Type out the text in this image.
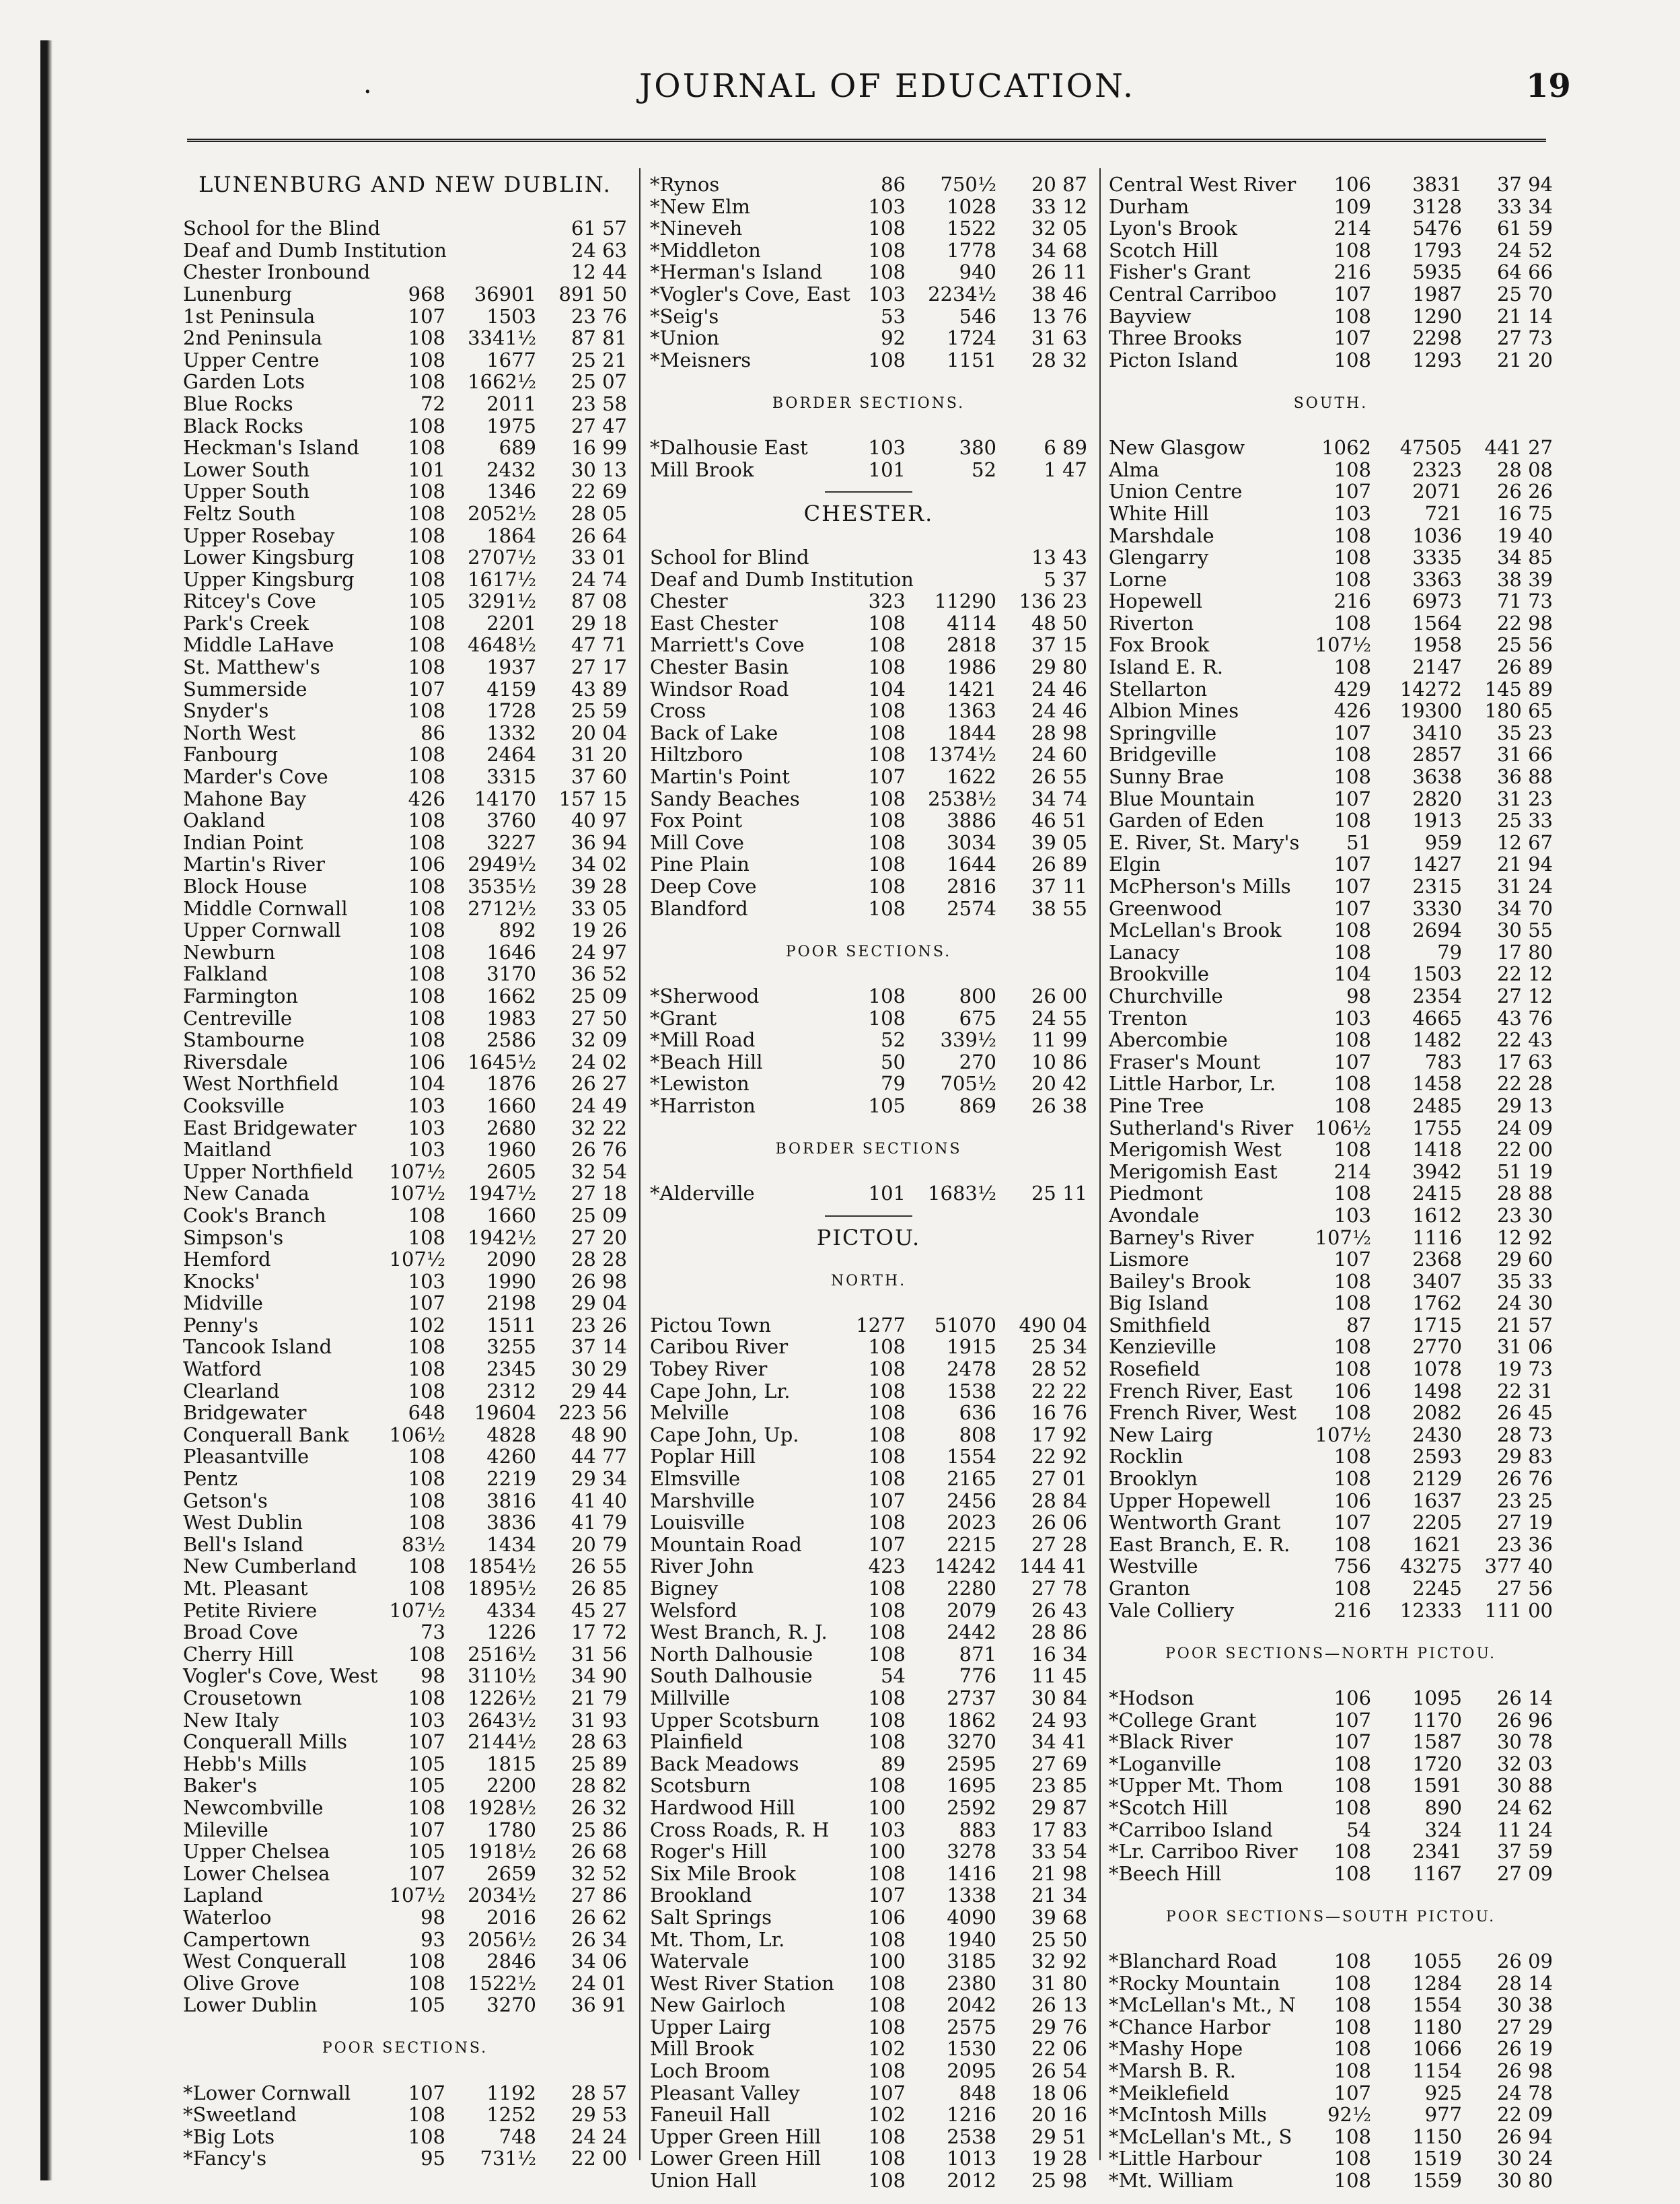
·	JOURNAL OF EDUCATION.	19
LUNENBURG AND NEW DUBLIN.
School for the Blind	61 57
Deaf and Dumb Institution	24 63
Chester Ironbound	12 44
Lunenburg	968 36901 891 50
1st Peninsula	107 1503 23 76
2nd Peninsula	108 3341½ 87 81
Upper Centre	108 1677 25 21
Garden Lots	108 1662½ 25 07
Blue Rocks	72 2011 23 58
Black Rocks	108 1975 27 47
Heckman's Island	108	689 16 99
Lower South	101 2432 30 13
Upper South	108 1346 22 69
Feltz South	108 2052½ 28 05
Upper Rosebay	108 1864 26 64
Lower Kingsburg	108 2707½ 33 01
Upper Kingsburg	108 1617½ 24 74
Ritcey's Cove	105 3291½ 87 08
Park's Creek	108 2201 29 18
Middle LaHave	108 4648½ 47 71
St. Matthew's	108 1937 27 17
Summerside	107 4159 43 89
Snyder's	108 1728 25 59
North West	86 1332 20 04
Fanbourg	108 2464 31 20
Marder's Cove	108 3315 37 60
Mahone Bay	426 14170 157 15
Oakland	108 3760 40 97
Indian Point	108 3227 36 94
Martin's River	106 2949½ 34 02
Block House	108 3535½ 39 28
Middle Cornwall	108 2712½ 33 05
Upper Cornwall	108	892 19 26
Newburn	108 1646 24 97
Falkland	108 3170 36 52
Farmington	108 1662 25 09
Centreville	108 1983 27 50
Stambourne	108 2586 32 09
Riversdale	106 1645½ 24 02
West Northfield	104 1876 26 27
Cooksville	103 1660 24 49
East Bridgewater	103 2680 32 22
Maitland	103 1960 26 76
Upper Northfield 107½ 2605 32 54
New Canada	107½ 1947½ 27 18
Cook's Branch	108 1660 25 09
Simpson's	108 1942½ 27 20
Hemford	107½ 2090 28 28
Knocks'	103 1990 26 98
Midville	107 2198 29 04
Penny's	102 1511 23 26
Tancook Island	108 3255 37 14
Watford	108 2345 30 29
Clearland	108 2312 29 44
Bridgewater	648 19604 223 56
Conquerall Bank 106½ 4828 48 90
Pleasantville	108 4260 44 77
Pentz	108 2219 29 34
Getson's	108 3816 41 40
West Dublin	108 3836 41 79
Bell's Island	83½ 1434 20 79
New Cumberland	108 1854½ 26 55
Mt. Pleasant	108 1895½ 26 85
Petite Riviere	107½ 4334 45 27
Broad Cove	73 1226 17 72
Cherry Hill	108 2516½ 31 56
Vogler's Cove, West 98 3110½ 34 90
Crousetown	108 1226½ 21 79
New Italy	103 2643½ 31 93
Conquerall Mills	107 2144½ 28 63
Hebb's Mills	105 1815 25 89
Baker's	105 2200 28 82
Newcombville	108 1928½ 26 32
Mileville	107 1780 25 86
Upper Chelsea	105 1918½ 26 68
Lower Chelsea	107 2659 32 52
Lapland	107½ 2034½ 27 86
Waterloo	98 2016 26 62
Campertown	93 2056½ 26 34
West Conquerall	108 2846 34 06
Olive Grove	108 1522½ 24 01
Lower Dublin	105 3270 36 91
POOR SECTIONS.
*Lower Cornwall	107 1192 28 57
*Sweetland	108 1252 29 53
*Big Lots	108	748 24 24
*Fancy's	95 731½ 22 00
*Rynos	86 750½ 20 87
*New Elm	103 1028 33 12
*Nineveh	108 1522 32 05
*Middleton	108 1778 34 68
*Herman's Island 108	940 26 11
*Vogler's Cove, East 103 2234½ 38 46
*Seig's	53	546 13 76
*Union	92 1724 31 63
*Meisners	108 1151 28 32
BORDER SECTIONS.
*Dalhousie East	103	380 6 89
Mill Brook	101	52 1 47
CHESTER.
School for Blind	13 43
Deaf and Dumb Institution	5 37
Chester	323 11290 136 23
East Chester	108 4114 48 50
Marriett's Cove	108 2818 37 15
Chester Basin	108 1986 29 80
Windsor Road	104 1421 24 46
Cross	108 1363 24 46
Back of Lake	108 1844 28 98
Hiltzboro	108 1374½ 24 60
Martin's Point	107 1622 26 55
Sandy Beaches	108 2538½ 34 74
Fox Point	108 3886 46 51
Mill Cove	108 3034 39 05
Pine Plain	108 1644 26 89
Deep Cove	108 2816 37 11
Blandford	108 2574 38 55
POOR SECTIONS.
*Sherwood	108	800 26 00
*Grant	108	675 24 55
*Mill Road	52 339½ 11 99
*Beach Hill	50	270 10 86
*Lewiston	79 705½ 20 42
*Harriston	105	869 26 38
BORDER SECTIONS
*Alderville	101 1683½ 25 11
PICTOU.
NORTH.
Pictou Town	1277 51070 490 04
Caribou River	108 1915 25 34
Tobey River	108 2478 28 52
Cape John, Lr.	108 1538 22 22
Melville	108	636 16 76
Cape John, Up.	108	808 17 92
Poplar Hill	108 1554 22 92
Elmsville	108 2165 27 01
Marshville	107 2456 28 84
Louisville	108 2023 26 06
Mountain Road	107 2215 27 28
River John	423 14242 144 41
Bigney	108 2280 27 78
Welsford	108 2079 26 43
West Branch, R. J. 108 2442 28 86
North Dalhousie	108	871 16 34
South Dalhousie	54	776 11 45
Millville	108 2737 30 84
Upper Scotsburn	108 1862 24 93
Plainfield	108 3270 34 41
Back Meadows	89 2595 27 69
Scotsburn	108 1695 23 85
Hardwood Hill	100 2592 29 87
Cross Roads, R. H 103	883 17 83
Roger's Hill	100 3278 33 54
Six Mile Brook	108 1416 21 98
Brookland	107 1338 21 34
Salt Springs	106 4090 39 68
Mt. Thom, Lr.	108 1940 25 50
Watervale	100 3185 32 92
West River Station 108 2380 31 80
New Gairloch	108 2042 26 13
Upper Lairg	108 2575 29 76
Mill Brook	102 1530 22 06
Loch Broom	108 2095 26 54
Pleasant Valley	107	848 18 06
Faneuil Hall	102 1216 20 16
Upper Green Hill 108 2538 29 51
Lower Green Hill 108 1013 19 28
Union Hall	108 2012 25 98
Central West River 106 3831 37 94
Durham	109 3128 33 34
Lyon's Brook	214 5476 61 59
Scotch Hill	108 1793 24 52
Fisher's Grant	216 5935 64 66
Central Carriboo	107 1987 25 70
Bayview	108 1290 21 14
Three Brooks	107 2298 27 73
Picton Island	108 1293 21 20
SOUTH.
New Glasgow	1062 47505 441 27
Alma	108 2323 28 08
Union Centre	107 2071 26 26
White Hill	103	721 16 75
Marshdale	108 1036 19 40
Glengarry	108 3335 34 85
Lorne	108 3363 38 39
Hopewell	216 6973 71 73
Riverton	108 1564 22 98
Fox Brook	107½ 1958 25 56
Island E. R.	108 2147 26 89
Stellarton	429 14272 145 89
Albion Mines	426 19300 180 65
Springville	107 3410 35 23
Bridgeville	108 2857 31 66
Sunny Brae	108 3638 36 88
Blue Mountain	107 2820 31 23
Garden of Eden	108 1913 25 33
E. River, St. Mary's 51	959 12 67
Elgin	107 1427 21 94
McPherson's Mills 107 2315 31 24
Greenwood	107 3330 34 70
McLellan's Brook	108 2694 30 55
Lanacy	108	79 17 80
Brookville	104 1503 22 12
Churchville	98 2354 27 12
Trenton	103 4665 43 76
Abercombie	108 1482 22 43
Fraser's Mount	107	783 17 63
Little Harbor, Lr.	108 1458 22 28
Pine Tree	108 2485 29 13
Sutherland's River 106½ 1755 24 09
Merigomish West	108 1418 22 00
Merigomish East	214 3942 51 19
Piedmont	108 2415 28 88
Avondale	103 1612 23 30
Barney's River	107½ 1116 12 92
Lismore	107 2368 29 60
Bailey's Brook	108 3407 35 33
Big Island	108 1762 24 30
Smithfield	87 1715 21 57
Kenzieville	108 2770 31 06
Rosefield	108 1078 19 73
French River, East 106 1498 22 31
French River, West 108 2082 26 45
New Lairg	107½ 2430 28 73
Rocklin	108 2593 29 83
Brooklyn	108 2129 26 76
Upper Hopewell	106 1637 23 25
Wentworth Grant	107 2205 27 19
East Branch, E. R. 108 1621 23 36
Westville	756 43275 377 40
Granton	108 2245 27 56
Vale Colliery	216 12333 111 00
POOR SECTIONS—NORTH PICTOU.
*Hodson	106 1095 26 14
*College Grant	107 1170 26 96
*Black River	107 1587 30 78
*Loganville	108 1720 32 03
*Upper Mt. Thom	108 1591 30 88
*Scotch Hill	108	890 24 62
*Carriboo Island	54	324 11 24
*Lr. Carriboo River 108 2341 37 59
*Beech Hill	108 1167 27 09
POOR SECTIONS—SOUTH PICTOU.
*Blanchard Road	108 1055 26 09
*Rocky Mountain	108 1284 28 14
*McLellan's Mt., N 108 1554 30 38
*Chance Harbor	108 1180 27 29
*Mashy Hope	108 1066 26 19
*Marsh B. R.	108 1154 26 98
*Meiklefield	107	925 24 78
*McIntosh Mills	92½	977 22 09
*McLellan's Mt., S 108 1150 26 94
*Little Harbour	108 1519 30 24
*Mt. William	108 1559 30 80
